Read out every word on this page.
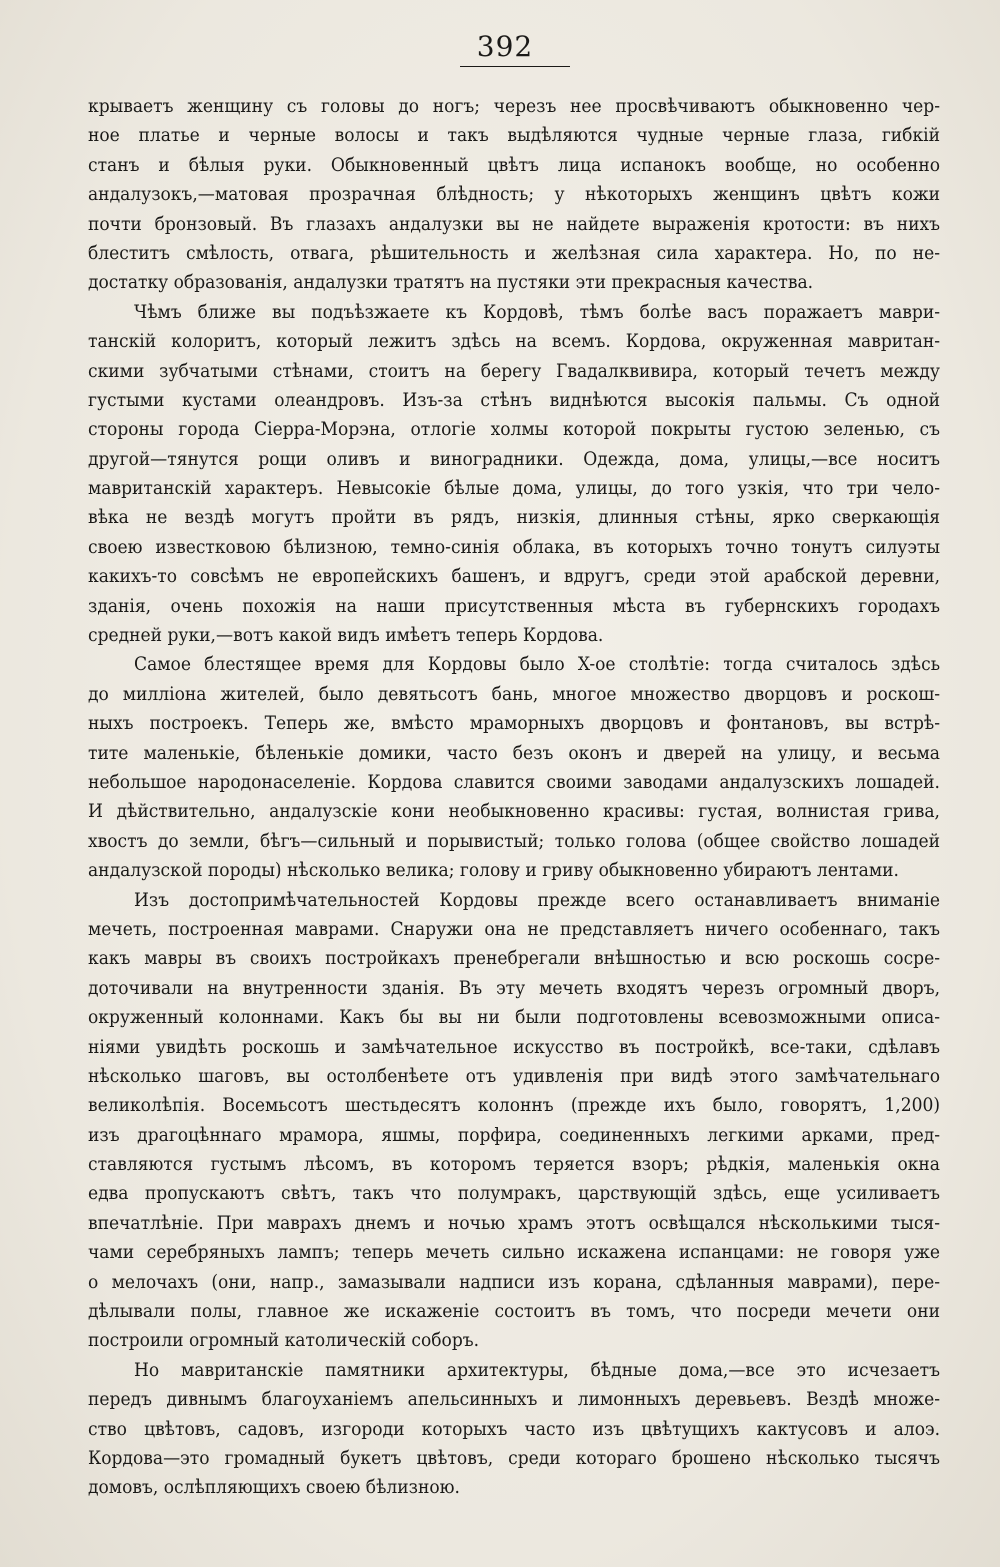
392
крываетъ женщину съ головы до ногъ; черезъ нее просвѣчиваютъ обыкновенно чер-
ное платье и черные волосы и такъ выдѣляются чудные черные глаза, гибкій
станъ и бѣлыя руки. Обыкновенный цвѣтъ лица испанокъ вообще, но особенно
андалузокъ,—матовая прозрачная блѣдность; у нѣкоторыхъ женщинъ цвѣтъ кожи
почти бронзовый. Въ глазахъ андалузки вы не найдете выраженія кротости: въ нихъ
блеститъ смѣлость, отвага, рѣшительность и желѣзная сила характера. Но, по не-
достатку образованія, андалузки тратятъ на пустяки эти прекрасныя качества.
Чѣмъ ближе вы подъѣзжаете къ Кордовѣ, тѣмъ болѣе васъ поражаетъ маври-
танскій колоритъ, который лежитъ здѣсь на всемъ. Кордова, окруженная мавритан-
скими зубчатыми стѣнами, стоитъ на берегу Гвадалквивира, который течетъ между
густыми кустами олеандровъ. Изъ-за стѣнъ виднѣются высокія пальмы. Съ одной
стороны города Сіерра-Морэна, отлогіе холмы которой покрыты густою зеленью, съ
другой—тянутся рощи оливъ и виноградники. Одежда, дома, улицы,—все носитъ
мавританскій характеръ. Невысокіе бѣлые дома, улицы, до того узкія, что три чело-
вѣка не вездѣ могутъ пройти въ рядъ, низкія, длинныя стѣны, ярко сверкающія
своею известковою бѣлизною, темно-синія облака, въ которыхъ точно тонутъ силуэты
какихъ-то совсѣмъ не европейскихъ башенъ, и вдругъ, среди этой арабской деревни,
зданія, очень похожія на наши присутственныя мѣста въ губернскихъ городахъ
средней руки,—вотъ какой видъ имѣетъ теперь Кордова.
Самое блестящее время для Кордовы было X-ое столѣтіе: тогда считалось здѣсь
до милліона жителей, было девятьсотъ бань, многое множество дворцовъ и роскош-
ныхъ построекъ. Теперь же, вмѣсто мраморныхъ дворцовъ и фонтановъ, вы встрѣ-
тите маленькіе, бѣленькіе домики, часто безъ оконъ и дверей на улицу, и весьма
небольшое народонаселеніе. Кордова славится своими заводами андалузскихъ лошадей.
И дѣйствительно, андалузскіе кони необыкновенно красивы: густая, волнистая грива,
хвостъ до земли, бѣгъ—сильный и порывистый; только голова (общее свойство лошадей
андалузской породы) нѣсколько велика; голову и гриву обыкновенно убираютъ лентами.
Изъ достопримѣчательностей Кордовы прежде всего останавливаетъ вниманіе
мечеть, построенная маврами. Снаружи она не представляетъ ничего особеннаго, такъ
какъ мавры въ своихъ постройкахъ пренебрегали внѣшностью и всю роскошь сосре-
доточивали на внутренности зданія. Въ эту мечеть входятъ черезъ огромный дворъ,
окруженный колоннами. Какъ бы вы ни были подготовлены всевозможными описа-
ніями увидѣть роскошь и замѣчательное искусство въ постройкѣ, все-таки, сдѣлавъ
нѣсколько шаговъ, вы остолбенѣете отъ удивленія при видѣ этого замѣчательнаго
великолѣпія. Восемьсотъ шестьдесятъ колоннъ (прежде ихъ было, говорятъ, 1,200)
изъ драгоцѣннаго мрамора, яшмы, порфира, соединенныхъ легкими арками, пред-
ставляются густымъ лѣсомъ, въ которомъ теряется взоръ; рѣдкія, маленькія окна
едва пропускаютъ свѣтъ, такъ что полумракъ, царствующій здѣсь, еще усиливаетъ
впечатлѣніе. При маврахъ днемъ и ночью храмъ этотъ освѣщался нѣсколькими тыся-
чами серебряныхъ лампъ; теперь мечеть сильно искажена испанцами: не говоря уже
о мелочахъ (они, напр., замазывали надписи изъ корана, сдѣланныя маврами), пере-
дѣлывали полы, главное же искаженіе состоитъ въ томъ, что посреди мечети они
построили огромный католическій соборъ.
Но мавританскіе памятники архитектуры, бѣдные дома,—все это исчезаетъ
передъ дивнымъ благоуханіемъ апельсинныхъ и лимонныхъ деревьевъ. Вездѣ множе-
ство цвѣтовъ, садовъ, изгороди которыхъ часто изъ цвѣтущихъ кактусовъ и алоэ.
Кордова—это громадный букетъ цвѣтовъ, среди котораго брошено нѣсколько тысячъ
домовъ, ослѣпляющихъ своею бѣлизною.
